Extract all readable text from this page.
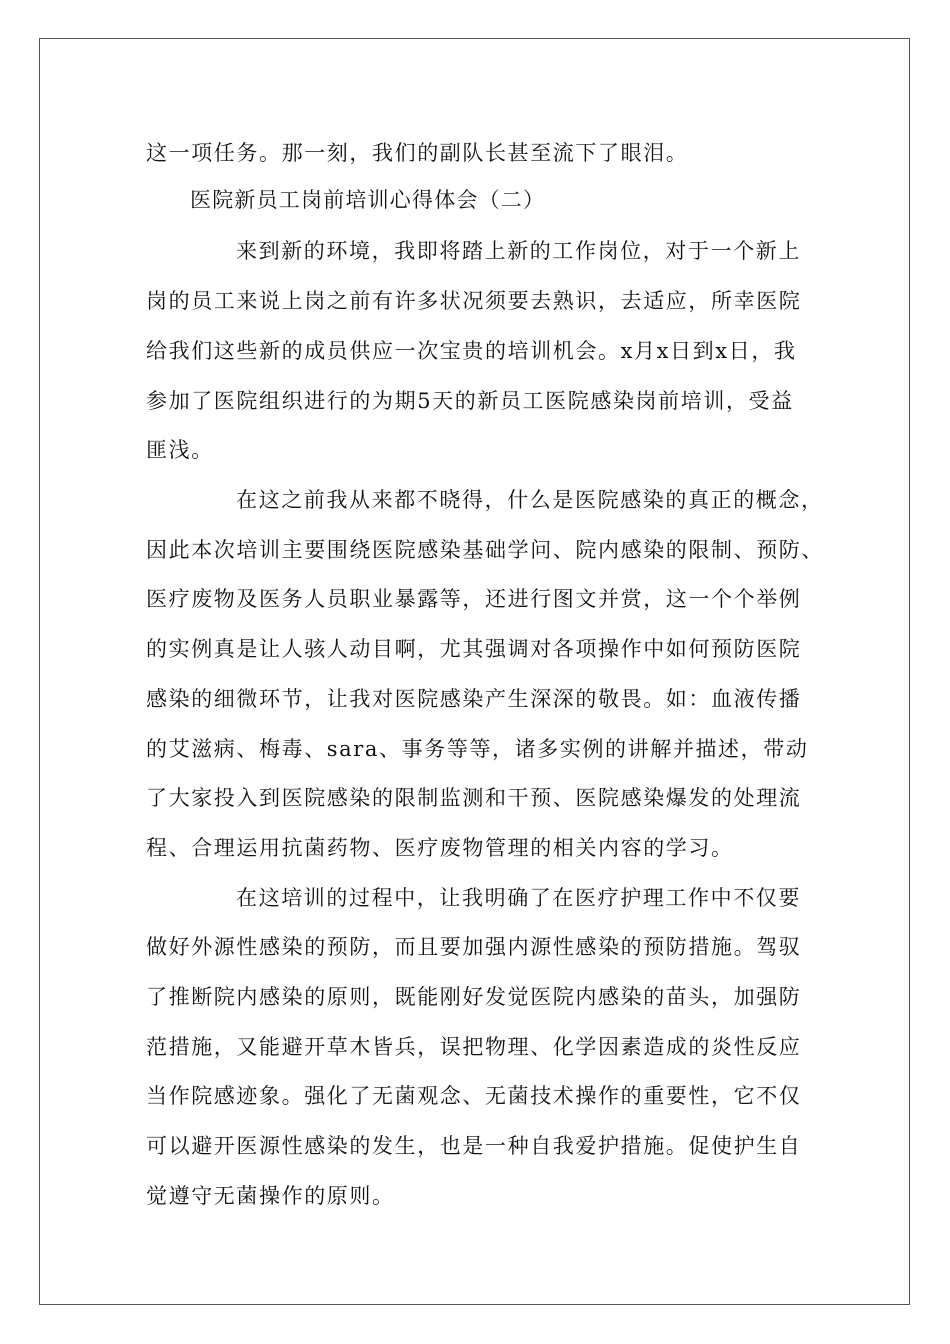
这一项任务。那一刻，我们的副队长甚至流下了眼泪。
医院新员工岗前培训心得体会（二）
来到新的环境，我即将踏上新的工作岗位，对于一个新上
岗的员工来说上岗之前有许多状况须要去熟识，去适应，所幸医院
给我们这些新的成员供应一次宝贵的培训机会。x月x日到x日，我
参加了医院组织进行的为期5天的新员工医院感染岗前培训，受益
匪浅。
在这之前我从来都不晓得，什么是医院感染的真正的概念，
因此本次培训主要围绕医院感染基础学问、院内感染的限制、预防、
医疗废物及医务人员职业暴露等，还进行图文并赏，这一个个举例
的实例真是让人骇人动目啊，尤其强调对各项操作中如何预防医院
感染的细微环节，让我对医院感染产生深深的敬畏。如：血液传播
的艾滋病、梅毒、sara、事务等等，诸多实例的讲解并描述，带动
了大家投入到医院感染的限制监测和干预、医院感染爆发的处理流
程、合理运用抗菌药物、医疗废物管理的相关内容的学习。
在这培训的过程中，让我明确了在医疗护理工作中不仅要
做好外源性感染的预防，而且要加强内源性感染的预防措施。驾驭
了推断院内感染的原则，既能刚好发觉医院内感染的苗头，加强防
范措施，又能避开草木皆兵，误把物理、化学因素造成的炎性反应
当作院感迹象。强化了无菌观念、无菌技术操作的重要性，它不仅
可以避开医源性感染的发生，也是一种自我爱护措施。促使护生自
觉遵守无菌操作的原则。
